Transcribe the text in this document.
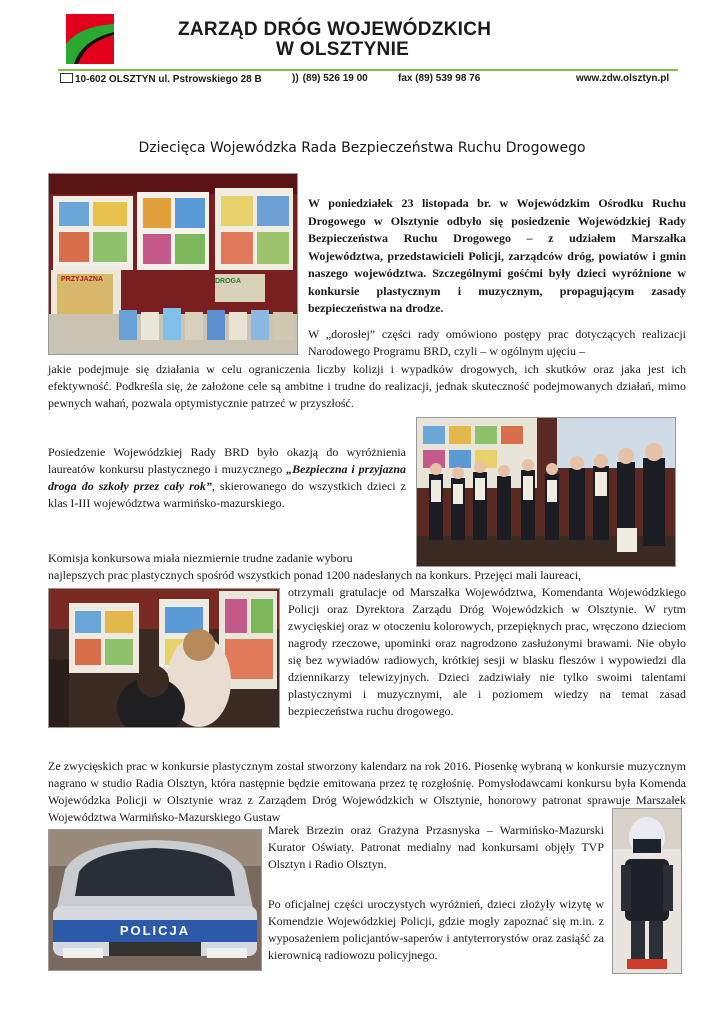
ZARZĄD DRÓG WOJEWÓDZKICH
W OLSZTYNIE
10-602 OLSZTYN ul. Pstrowskiego 28 B	)) (89) 526 19 00	fax (89) 539 98 76	www.zdw.olsztyn.pl
Dziecięca Wojewódzka Rada Bezpieczeństwa Ruchu Drogowego
PRZYJAZNA	DROGA

W poniedziałek 23 listopada br. w Wojewódzkim Ośrodku Ruchu Drogowego w Olsztynie odbyło się posiedzenie Wojewódzkiej Rady Bezpieczeństwa Ruchu Drogowego – z udziałem Marszałka Województwa, przedstawicieli Policji, zarządców dróg, powiatów i gmin naszego województwa. Szczególnymi gośćmi były dzieci wyróżnione w konkursie plastycznym i muzycznym, propagującym zasady bezpieczeństwa na drodze.

W „dorosłej” części rady omówiono postępy prac dotyczących realizacji Narodowego Programu BRD, czyli – w ogólnym ujęciu –

jakie podejmuje się działania w celu ograniczenia liczby kolizji i wypadków drogowych, ich skutków oraz jaka jest ich efektywność. Podkreśla się, że założone cele są ambitne i trudne do realizacji, jednak skuteczność podejmowanych działań, mimo pewnych wahań, pozwala optymistycznie patrzeć w przyszłość.

Posiedzenie Wojewódzkiej Rady BRD było okazją do wyróżnienia laureatów konkursu plastycznego i muzycznego „Bezpieczna i przyjazna droga do szkoły przez cały rok”, skierowanego do wszystkich dzieci z klas I-III województwa warmińsko-mazurskiego.

Komisja konkursowa miała niezmiernie trudne zadanie wyboru

najlepszych prac plastycznych spośród wszystkich ponad 1200 nadesłanych na konkurs. Przejęci mali laureaci,

otrzymali gratulacje od Marszałka Województwa, Komendanta Wojewódzkiego Policji oraz Dyrektora Zarządu Dróg Wojewódzkich w Olsztynie. W rytm zwycięskiej oraz w otoczeniu kolorowych, przepięknych prac, wręczono dzieciom nagrody rzeczowe, upominki oraz nagrodzono zasłużonymi brawami. Nie obyło się bez wywiadów radiowych, krótkiej sesji w blasku fleszów i wypowiedzi dla dziennikarzy telewizyjnych. Dzieci zadziwiały nie tylko swoimi talentami plastycznymi i muzycznymi, ale i poziomem wiedzy na temat zasad bezpieczeństwa ruchu drogowego.

Ze zwycięskich prac w konkursie plastycznym został stworzony kalendarz na rok 2016. Piosenkę wybraną w konkursie muzycznym nagrano w studio Radia Olsztyn, która następnie będzie emitowana przez tę rozgłośnię. Pomysłodawcami konkursu była Komenda Wojewódzka Policji w Olsztynie wraz z Zarządem Dróg Wojewódzkich w Olsztynie, honorowy patronat sprawuje Marszałek Województwa Warmińsko-Mazurskiego Gustaw

POLICJA

Marek Brzezin oraz Grażyna Przasnyska – Warmińsko-Mazurski Kurator Oświaty. Patronat medialny nad konkursami objęły TVP Olsztyn i Radio Olsztyn.

Po oficjalnej części uroczystych wyróżnień, dzieci złożyły wizytę w Komendzie Wojewódzkiej Policji, gdzie mogły zapoznać się m.in. z wyposażeniem policjantów-saperów i antyterrorystów oraz zasiąść za kierownicą radiowozu policyjnego.
